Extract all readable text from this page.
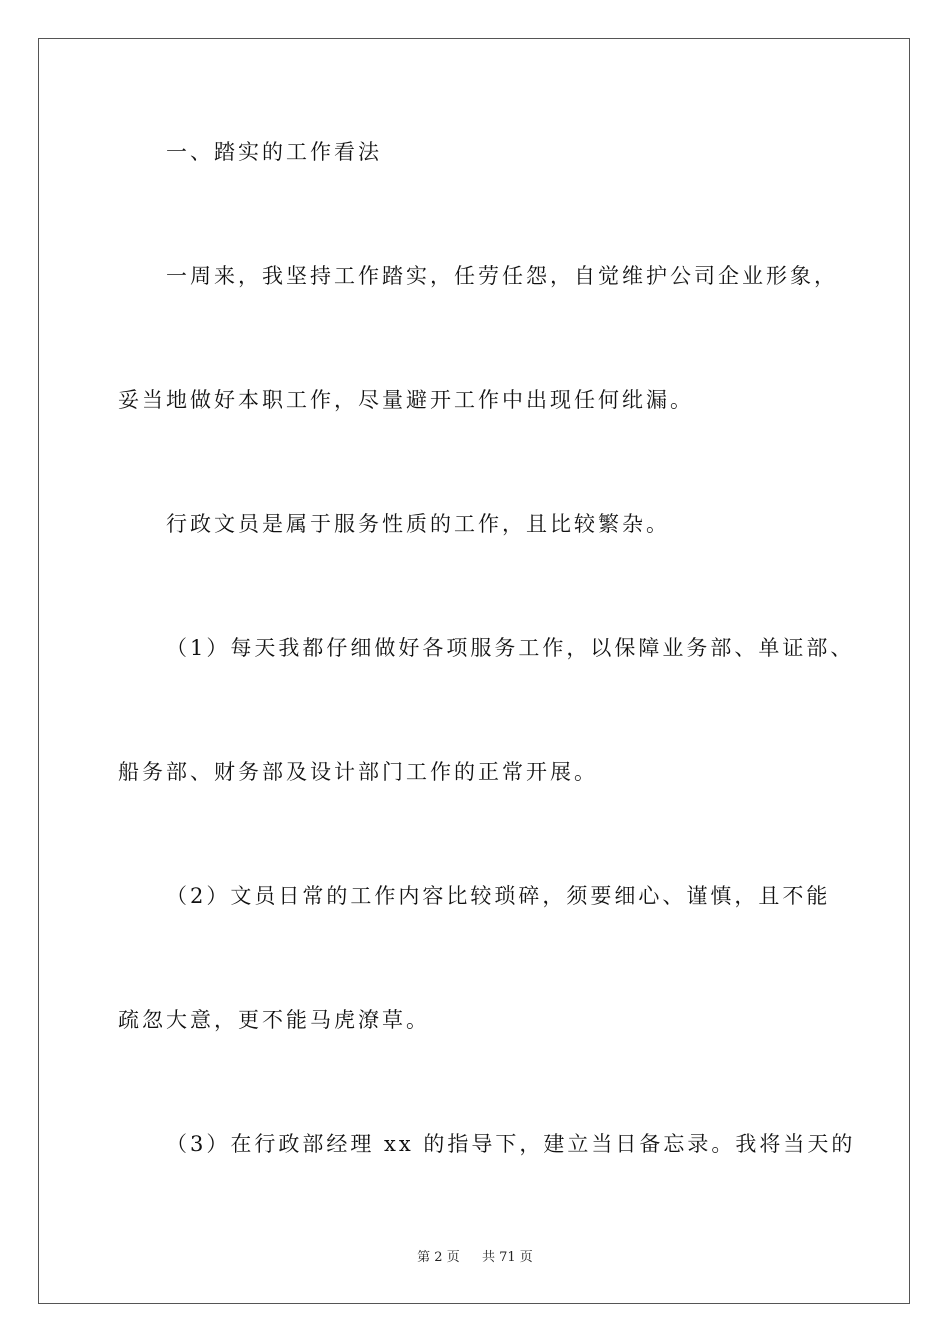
一、踏实的工作看法
一周来，我坚持工作踏实，任劳任怨，自觉维护公司企业形象，
妥当地做好本职工作，尽量避开工作中出现任何纰漏。
行政文员是属于服务性质的工作，且比较繁杂。
（1）每天我都仔细做好各项服务工作，以保障业务部、单证部、
船务部、财务部及设计部门工作的正常开展。
（2）文员日常的工作内容比较琐碎，须要细心、谨慎，且不能
疏忽大意，更不能马虎潦草。
（3）在行政部经理 xx 的指导下，建立当日备忘录。我将当天的
第 2 页 共 71 页
